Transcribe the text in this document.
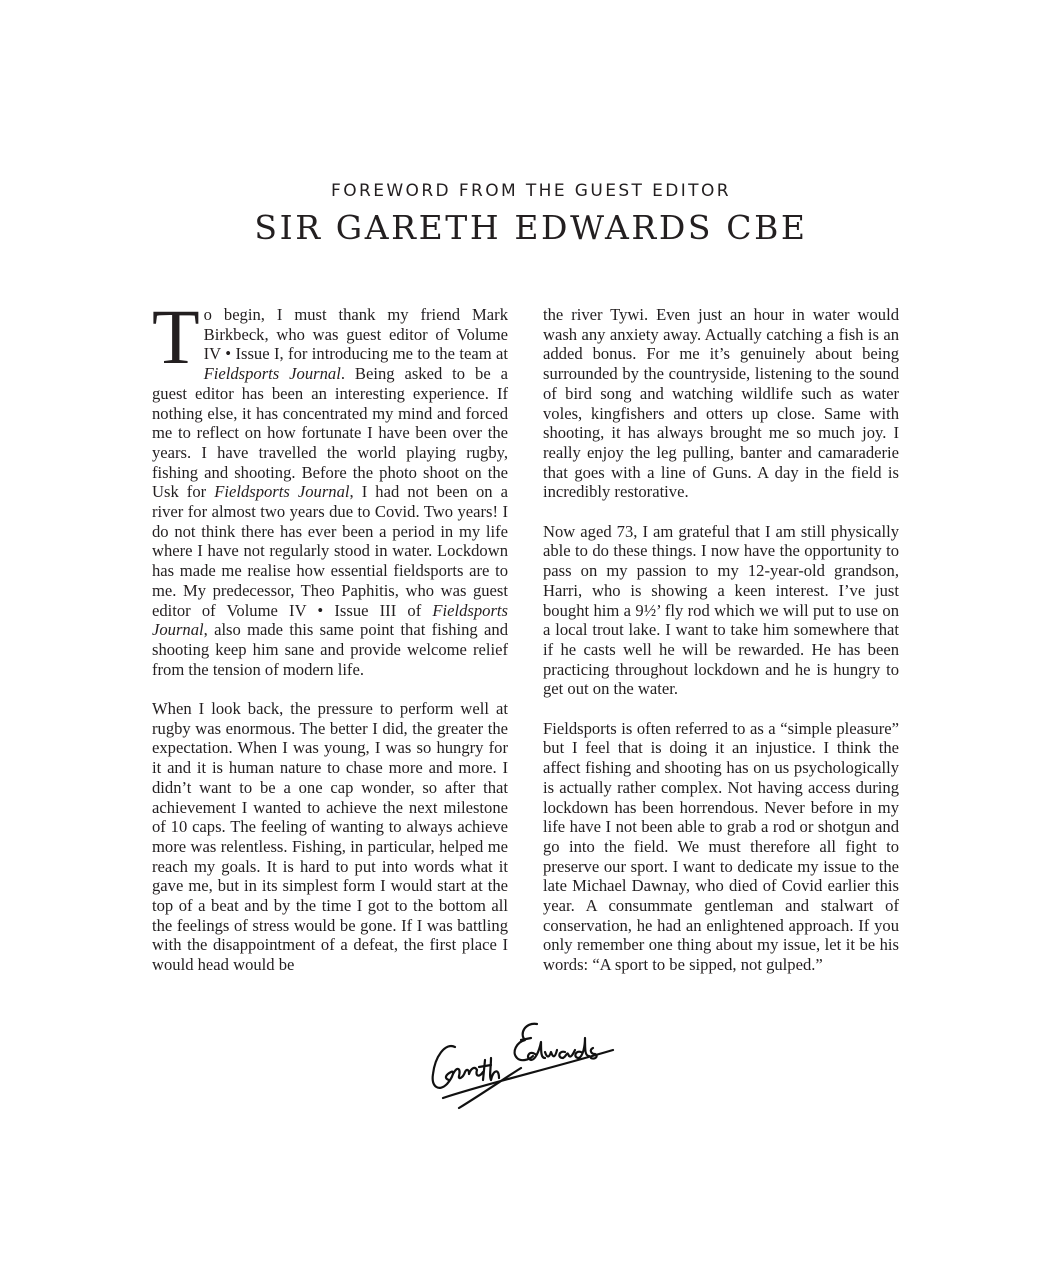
FOREWORD FROM THE GUEST EDITOR
SIR GARETH EDWARDS CBE

To begin, I must thank my friend Mark Birkbeck, who was guest editor of Volume IV • Issue I, for introducing me to the team at Fieldsports Journal. Being asked to be a guest editor has been an interesting experience. If nothing else, it has concentrated my mind and forced me to reflect on how fortunate I have been over the years. I have travelled the world playing rugby, fishing and shooting. Before the photo shoot on the Usk for Fieldsports Journal, I had not been on a river for almost two years due to Covid. Two years! I do not think there has ever been a period in my life where I have not regularly stood in water. Lockdown has made me realise how essential fieldsports are to me. My predecessor, Theo Paphitis, who was guest editor of Volume IV • Issue III of Fieldsports Journal, also made this same point that fishing and shooting keep him sane and provide welcome relief from the tension of modern life.

When I look back, the pressure to perform well at rugby was enormous. The better I did, the greater the expectation. When I was young, I was so hungry for it and it is human nature to chase more and more. I didn’t want to be a one cap wonder, so after that achievement I wanted to achieve the next milestone of 10 caps. The feeling of wanting to always achieve more was relentless. Fishing, in particular, helped me reach my goals. It is hard to put into words what it gave me, but in its simplest form I would start at the top of a beat and by the time I got to the bottom all the feelings of stress would be gone. If I was battling with the disappointment of a defeat, the first place I would head would be

the river Tywi. Even just an hour in water would wash any anxiety away. Actually catching a fish is an added bonus. For me it’s genuinely about being surrounded by the countryside, listening to the sound of bird song and watching wildlife such as water voles, kingfishers and otters up close. Same with shooting, it has always brought me so much joy. I really enjoy the leg pulling, banter and camaraderie that goes with a line of Guns. A day in the field is incredibly restorative.

Now aged 73, I am grateful that I am still physically able to do these things. I now have the opportunity to pass on my passion to my 12-year-old grandson, Harri, who is showing a keen interest. I’ve just bought him a 9½’ fly rod which we will put to use on a local trout lake. I want to take him somewhere that if he casts well he will be rewarded. He has been practicing throughout lockdown and he is hungry to get out on the water.

Fieldsports is often referred to as a “simple pleasure” but I feel that is doing it an injustice. I think the affect fishing and shooting has on us psychologically is actually rather complex. Not having access during lockdown has been horrendous. Never before in my life have I not been able to grab a rod or shotgun and go into the field. We must therefore all fight to preserve our sport. I want to dedicate my issue to the late Michael Dawnay, who died of Covid earlier this year. A consummate gentleman and stalwart of conservation, he had an enlightened approach. If you only remember one thing about my issue, let it be his words: “A sport to be sipped, not gulped.”
